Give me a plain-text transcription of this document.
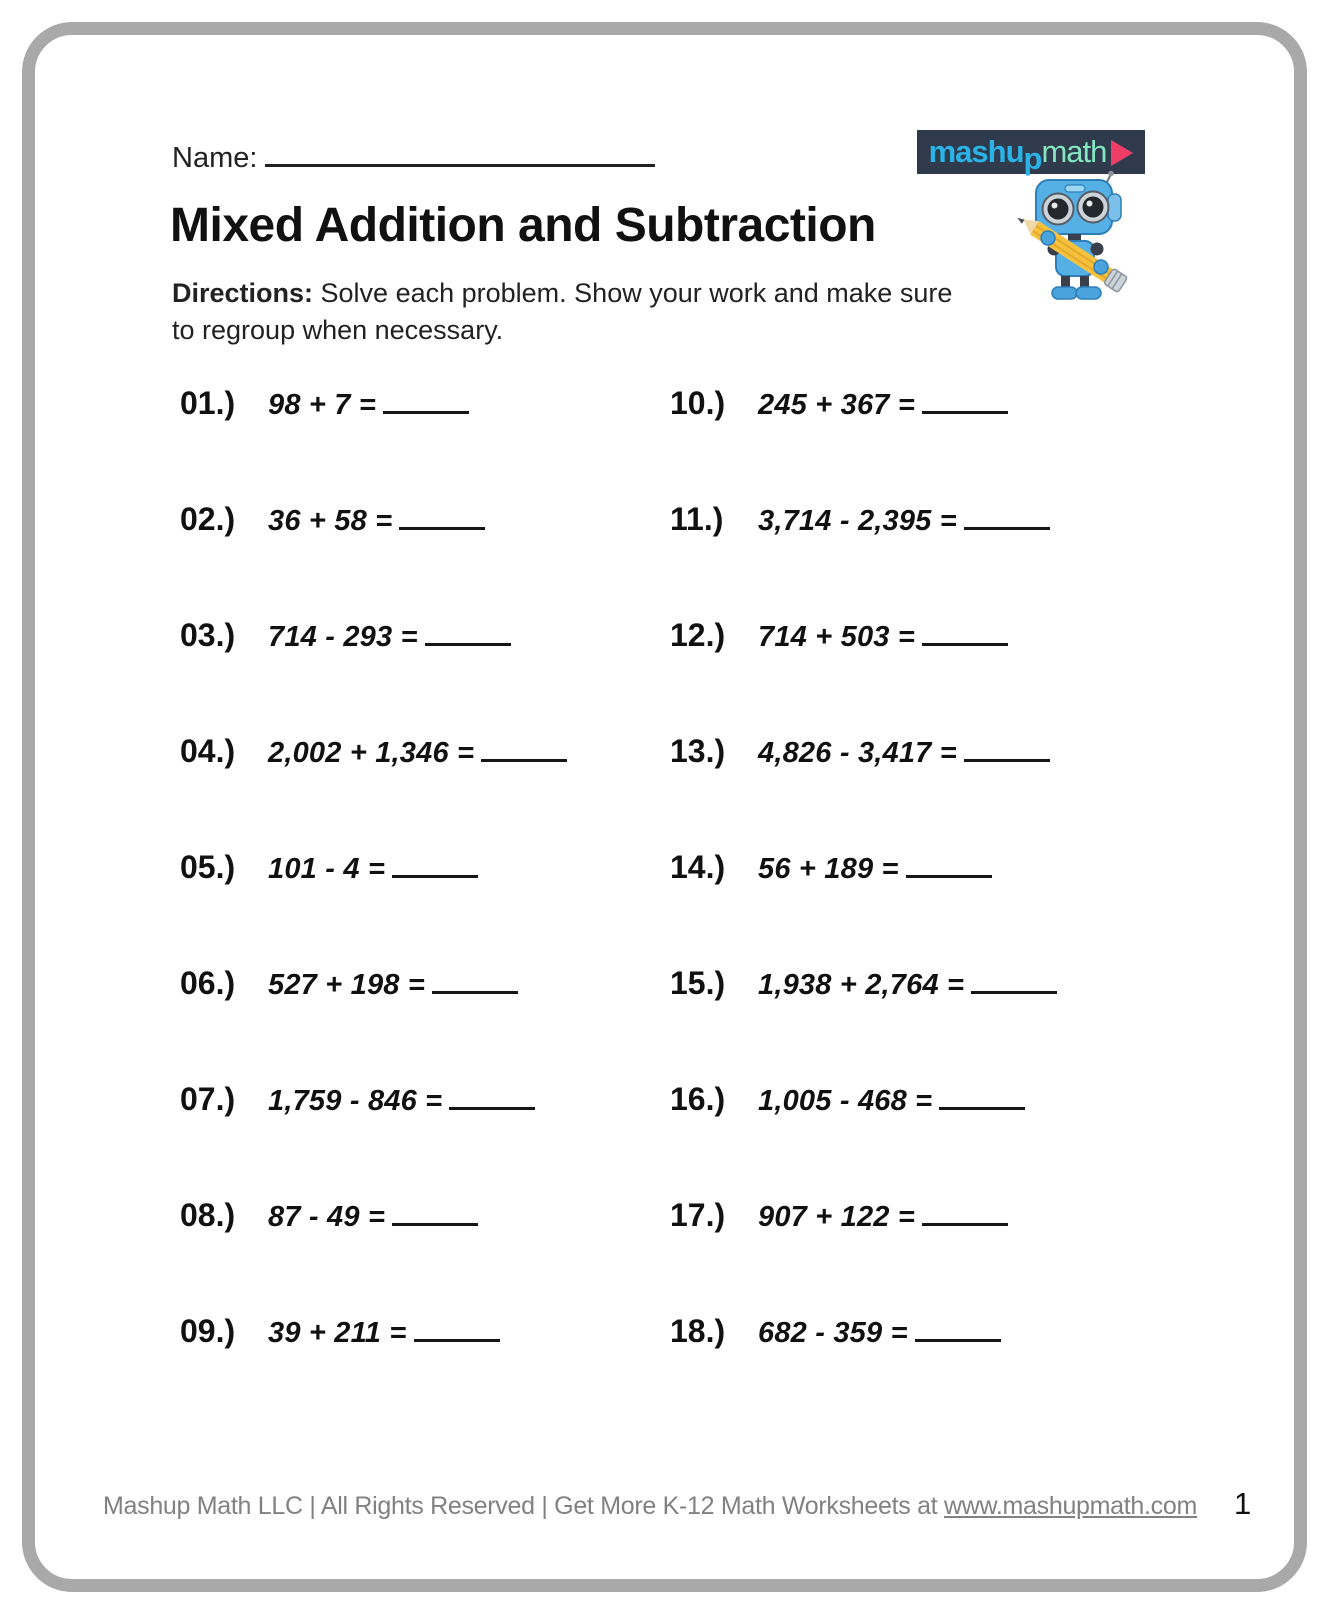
Name:	mashupmath
Mixed Addition and Subtraction
Directions: Solve each problem. Show your work and make sure to regroup when necessary.
01.)	98 + 7 =
02.)	36 + 58 =
03.)	714 - 293 =
04.)	2,002 + 1,346 =
05.)	101 - 4 =
06.)	527 + 198 =
07.)	1,759 - 846 =
08.)	87 - 49 =
09.)	39 + 211 =
10.)	245 + 367 =
11.)	3,714 - 2,395 =
12.)	714 + 503 =
13.)	4,826 - 3,417 =
14.)	56 + 189 =
15.)	1,938 + 2,764 =
16.)	1,005 - 468 =
17.)	907 + 122 =
18.)	682 - 359 =
Mashup Math LLC | All Rights Reserved | Get More K-12 Math Worksheets at www.mashupmath.com	1
